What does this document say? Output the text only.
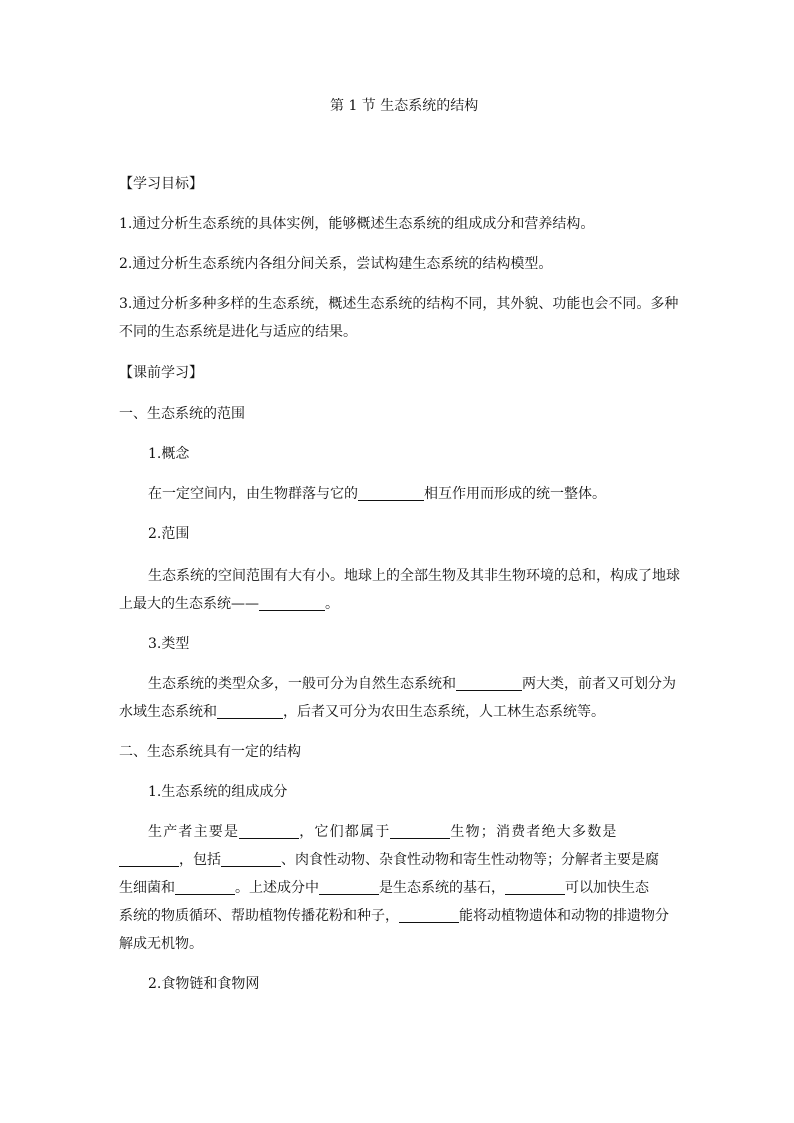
第 1 节 生态系统的结构
【学习目标】
1.通过分析生态系统的具体实例，能够概述生态系统的组成成分和营养结构。
2.通过分析生态系统内各组分间关系，尝试构建生态系统的结构模型。
3.通过分析多种多样的生态系统，概述生态系统的结构不同，其外貌、功能也会不同。多种
不同的生态系统是进化与适应的结果。
【课前学习】
一、生态系统的范围
1.概念
在一定空间内，由生物群落与它的	相互作用而形成的统一整体。
2.范围
生态系统的空间范围有大有小。地球上的全部生物及其非生物环境的总和，构成了地球
上最大的生态系统——	。
3.类型
生态系统的类型众多，一般可分为自然生态系统和	两大类，前者又可划分为
水域生态系统和	，后者又可分为农田生态系统，人工林生态系统等。
二、生态系统具有一定的结构
1.生态系统的组成成分
生产者主要是	，它们都属于	生物；消费者绝大多数是
，包括	、肉食性动物、杂食性动物和寄生性动物等；分解者主要是腐
生细菌和	。上述成分中	是生态系统的基石，	可以加快生态
系统的物质循环、帮助植物传播花粉和种子，	能将动植物遗体和动物的排遗物分
解成无机物。
2.食物链和食物网
